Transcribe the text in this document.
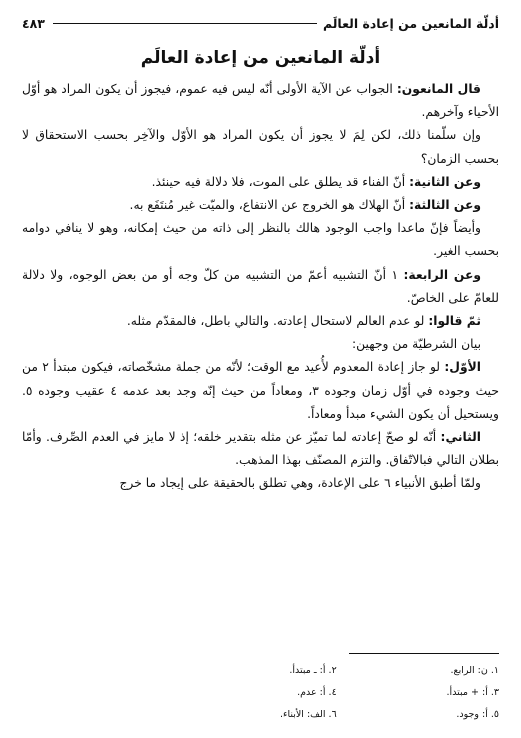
أدلّة المانعين من إعادة العالَم
٤٨٣
أدلّة المانعين من إعادة العالَم

قال المانعون: الجواب عن الآية الأولى أنّه ليس فيه عموم، فيجوز أن يكون المراد هو أوّل الأحياء وآخرهم.

وإن سلّمنا ذلك، لكن لِمَ لا يجوز أن يكون المراد هو الأوّل والآخِر بحسب الاستحقاق لا بحسب الزمان؟

وعن الثانية: أنّ الفناء قد يطلق على الموت، فلا دلالة فيه حينئذ.

وعن الثالثة: أنّ الهلاك هو الخروج عن الانتفاع، والميّت غير مُنتَفَع به.

وأيضاً فإنّ ماعدا واجب الوجود هالك بالنظر إلى ذاته من حيث إمكانه، وهو لا ينافي دوامه بحسب الغير.

وعن الرابعة: ١ أنّ التشبيه أعمّ من التشبيه من كلّ وجه أو من بعض الوجوه، ولا دلالة للعامّ على الخاصّ.

ثمّ قالوا: لو عدم العالم لاستحال إعادته. والتالي باطل، فالمقدّم مثله.

بيان الشرطيّة من وجهين:

الأوّل: لو جاز إعادة المعدوم لأُعيد مع الوقت؛ لأنّه من جملة مشخّصاته، فيكون مبتدأ ٢ من حيث وجوده في أوّل زمان وجوده ٣، ومعاداً من حيث إنّه وجد بعد عدمه ٤ عقيب وجوده ٥. ويستحيل أن يكون الشيء مبدأ ومعاداً.

الثاني: أنّه لو صحّ إعادته لما تميّز عن مثله بتقدير خلقه؛ إذ لا مايز في العدم الصِّرف. وأمّا بطلان التالي فبالاتّفاق. والتزم المصنّف بهذا المذهب.

ولمّا أطبق الأنبياء ٦ على الإعادة، وهي تطلق بالحقيقة على إيجاد ما خرج

١. ن: الرابع.
٢. أ: ـ مبتدأ.
٣. أ: + مبتدأ.
٤. أ: عدم.
٥. أ: وجود.
٦. الف: الأبناء.
